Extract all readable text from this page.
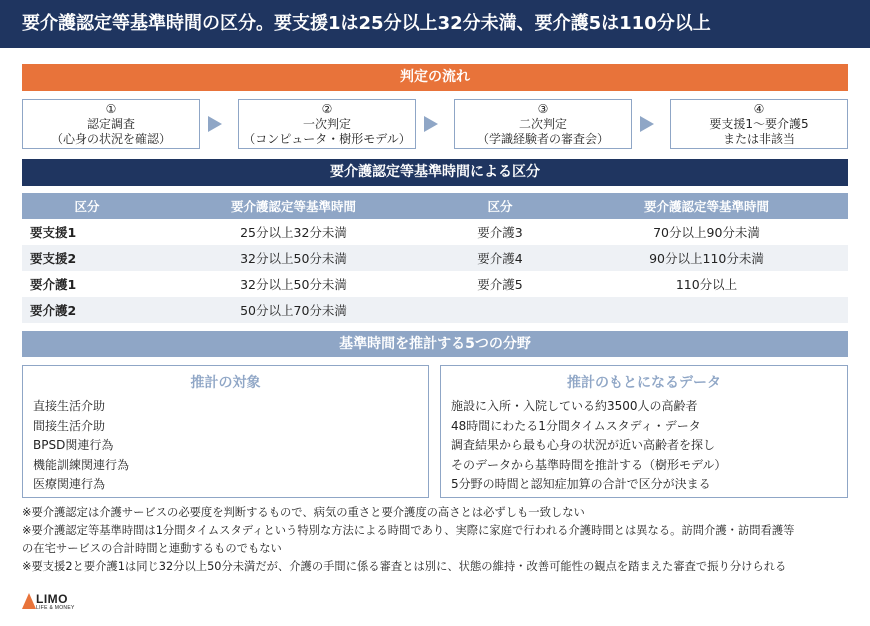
要介護認定等基準時間の区分。要支援1は25分以上32分未満、要介護5は110分以上
判定の流れ
①
認定調査
（心身の状況を確認）
②
一次判定
（コンピュータ・樹形モデル）
③
二次判定
（学識経験者の審査会）
④
要支援1〜要介護5
または非該当
要介護認定等基準時間による区分
区分	要介護認定等基準時間	区分	要介護認定等基準時間
要支援1	25分以上32分未満	要介護3	70分以上90分未満
要支援2	32分以上50分未満	要介護4	90分以上110分未満
要介護1	32分以上50分未満	要介護5	110分以上
要介護2	50分以上70分未満		
基準時間を推計する5つの分野
推計の対象
直接生活介助
間接生活介助
BPSD関連行為
機能訓練関連行為
医療関連行為
推計のもとになるデータ
施設に入所・入院している約3500人の高齢者
48時間にわたる1分間タイムスタディ・データ
調査結果から最も心身の状況が近い高齢者を探し
そのデータから基準時間を推計する（樹形モデル）
5分野の時間と認知症加算の合計で区分が決まる
※要介護認定は介護サービスの必要度を判断するもので、病気の重さと要介護度の高さとは必ずしも一致しない
※要介護認定等基準時間は1分間タイムスタディという特別な方法による時間であり、実際に家庭で行われる介護時間とは異なる。訪問介護・訪問看護等
の在宅サービスの合計時間と連動するものでもない
※要支援2と要介護1は同じ32分以上50分未満だが、介護の手間に係る審査とは別に、状態の維持・改善可能性の観点を踏まえた審査で振り分けられる
LIMO
LIFE & MONEY
